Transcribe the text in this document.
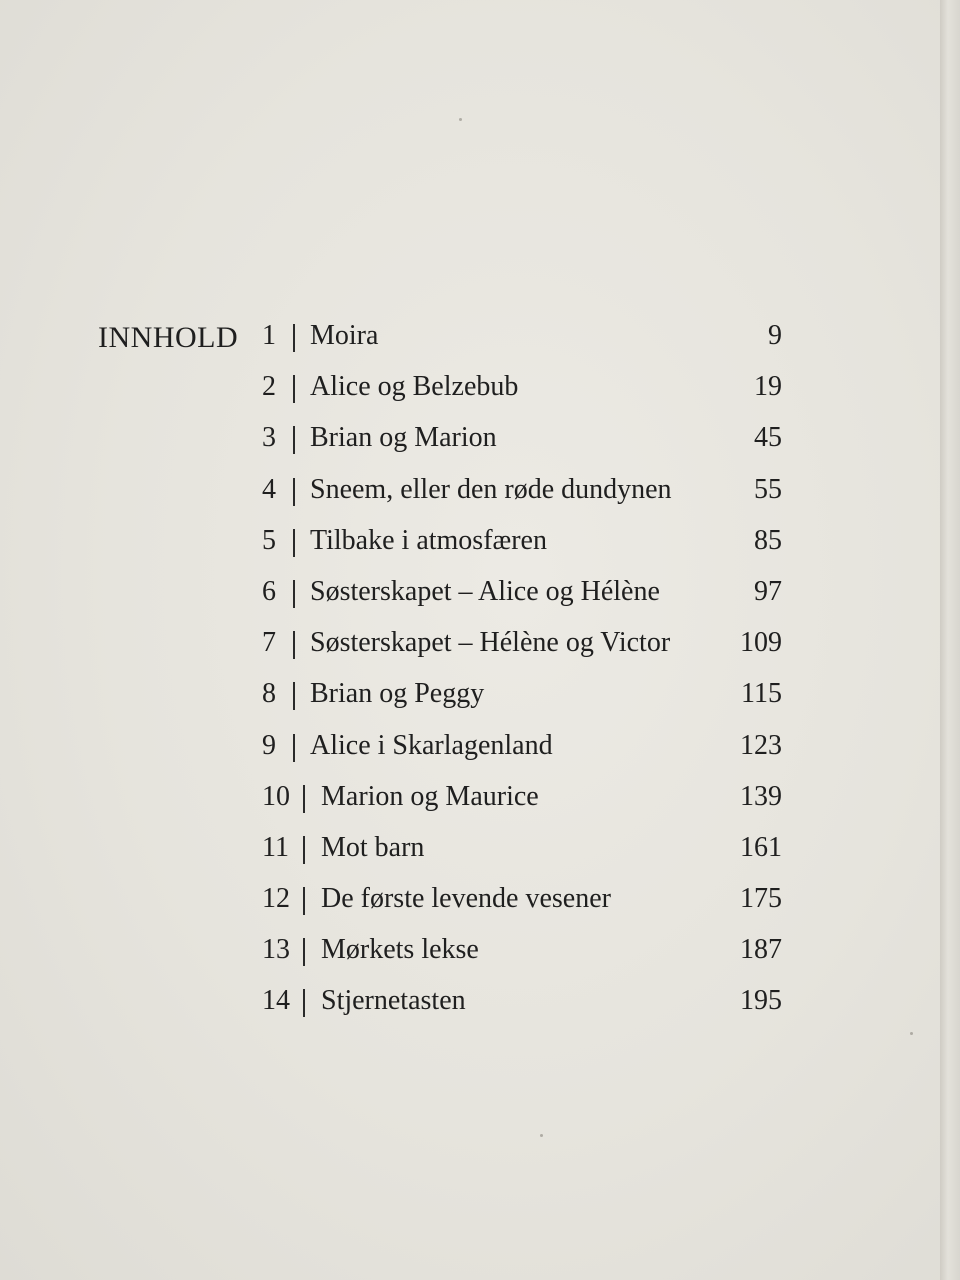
INNHOLD 1 Moira	9
2 Alice og Belzebub	19
3 Brian og Marion	45
4 Sneem, eller den røde dundynen	55
5 Tilbake i atmosfæren	85
6 Søsterskapet – Alice og Hélène	97
7 Søsterskapet – Hélène og Victor 109
8 Brian og Peggy	115
9 Alice i Skarlagenland	123
10 Marion og Maurice	139
11 Mot barn	161
12 De første levende vesener	175
13 Mørkets lekse	187
14 Stjernetasten	195
